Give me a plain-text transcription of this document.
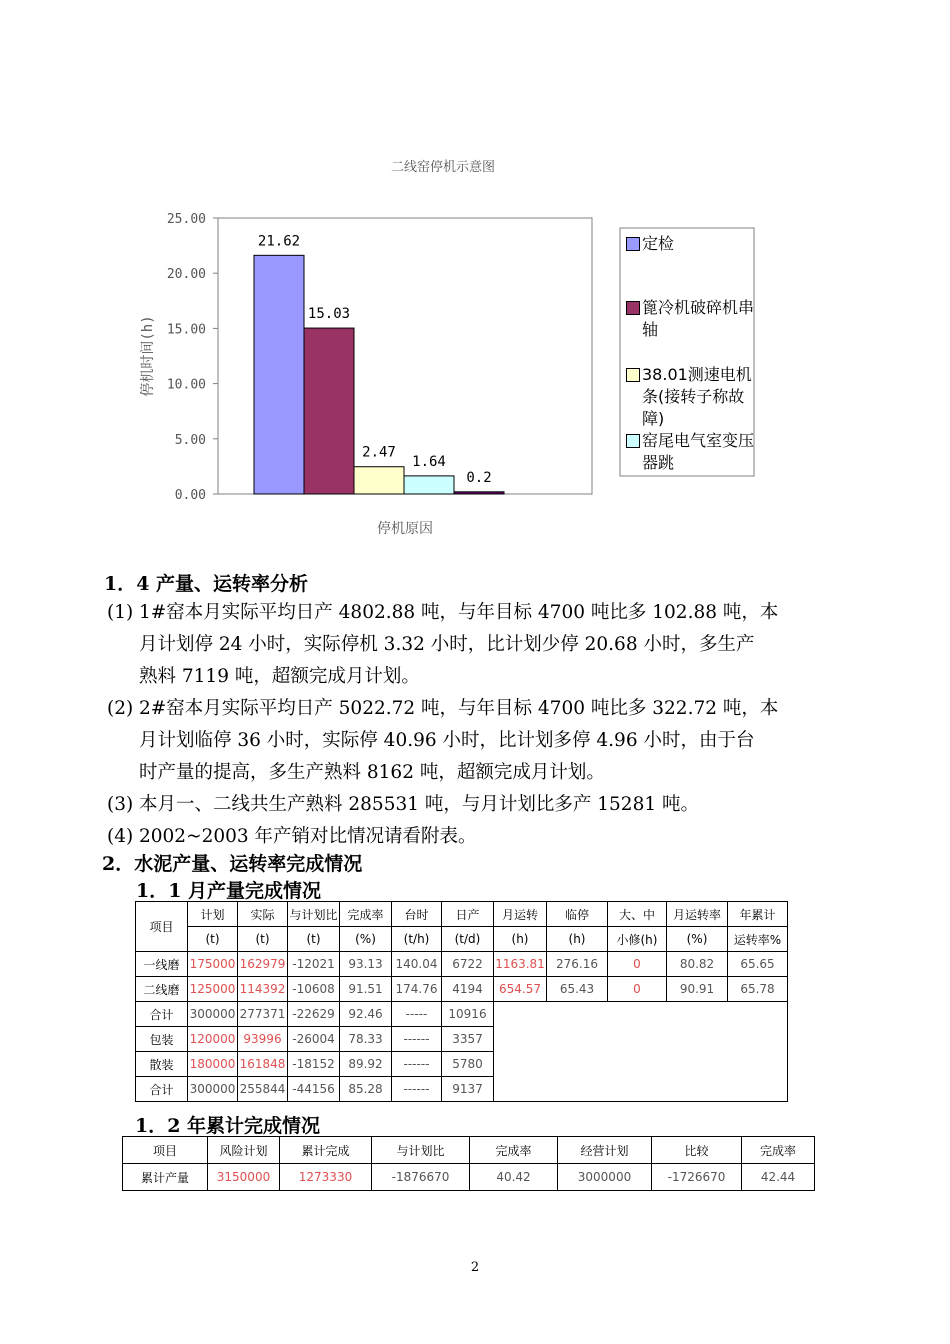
二线窑停机示意图
0.00
5.00
10.00
15.00
20.00
25.00
21.62
15.03
2.47
1.64
0.2
停机时间(h)
停机原因
定检
篦冷机破碎机串
轴
38.01测速电机
条(接转子称故
障)
窑尾电气室变压
器跳
1．4 产量、运转率分析
(1) 1#窑本月实际平均日产 4802.88 吨，与年目标 4700 吨比多 102.88 吨，本
月计划停 24 小时，实际停机 3.32 小时，比计划少停 20.68 小时，多生产
熟料 7119 吨，超额完成月计划。
(2) 2#窑本月实际平均日产 5022.72 吨，与年目标 4700 吨比多 322.72 吨，本
月计划临停 36 小时，实际停 40.96 小时，比计划多停 4.96 小时，由于台
时产量的提高，多生产熟料 8162 吨，超额完成月计划。
(3) 本月一、二线共生产熟料 285531 吨，与月计划比多产 15281 吨。
(4) 2002~2003 年产销对比情况请看附表。
2．水泥产量、运转率完成情况
1．1 月产量完成情况
项目	计划	实际	与计划比	完成率	台时	日产	月运转	临停	大、中	月运转率	年累计
	(t)	(t)	(t)	(%)	(t/h)	(t/d)	(h)	(h)	小修(h)	(%)	运转率%
一线磨	175000	162979	-12021	93.13	140.04	6722	1163.81	276.16	0	80.82	65.65
二线磨	125000	114392	-10608	91.51	174.76	4194	654.57	65.43	0	90.91	65.78
合计	300000	277371	-22629	92.46	-----	10916					
包装	120000	93996	-26004	78.33	------	3357					
散装	180000	161848	-18152	89.92	------	5780					
合计	300000	255844	-44156	85.28	------	9137					
1．2 年累计完成情况
项目	风险计划	累计完成	与计划比	完成率	经营计划	比较	完成率
累计产量	3150000	1273330	-1876670	40.42	3000000	-1726670	42.44
2
